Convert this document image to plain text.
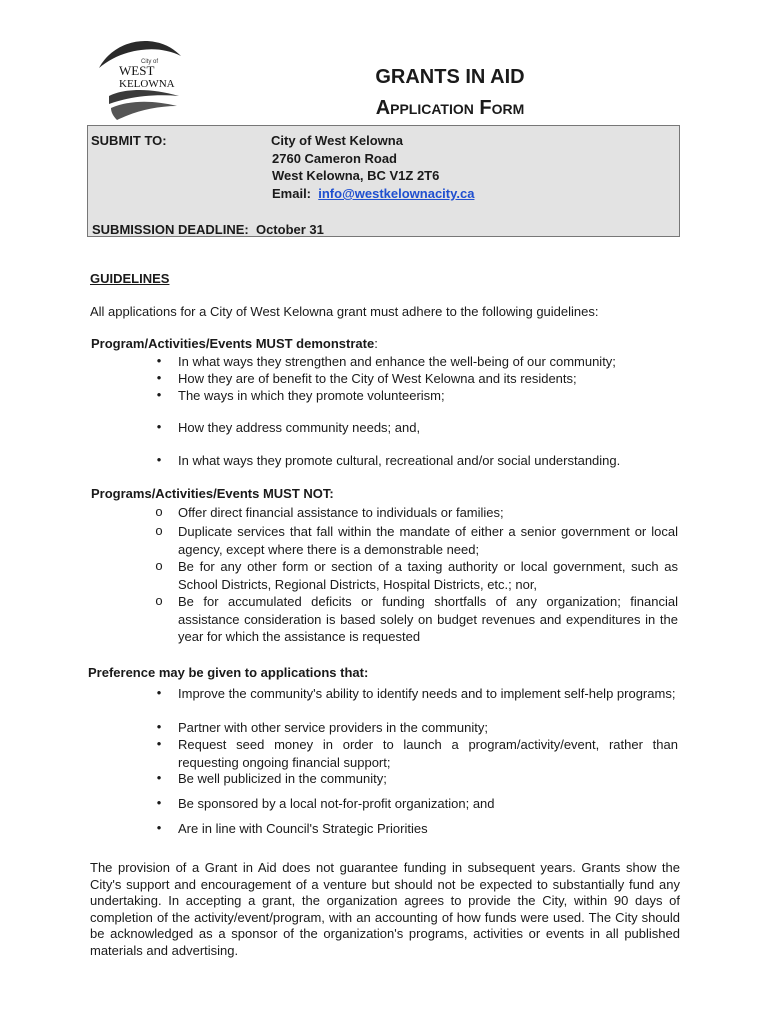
City of
WEST
KELOWNA	GRANTS IN AID
Application Form
SUBMIT TO:	City of West Kelowna
2760 Cameron Road
West Kelowna, BC V1Z 2T6
Email: info@westkelownacity.ca
SUBMISSION DEADLINE: October 31
GUIDELINES
All applications for a City of West Kelowna grant must adhere to the following guidelines:
Program/Activities/Events MUST demonstrate:
• In what ways they strengthen and enhance the well-being of our community;
• How they are of benefit to the City of West Kelowna and its residents;
• The ways in which they promote volunteerism;
• How they address community needs; and,
• In what ways they promote cultural, recreational and/or social understanding.
Programs/Activities/Events MUST NOT:
o Offer direct financial assistance to individuals or families;
o Duplicate services that fall within the mandate of either a senior government or local agency, except where there is a demonstrable need;
o Be for any other form or section of a taxing authority or local government, such as School Districts, Regional Districts, Hospital Districts, etc.; nor,
o Be for accumulated deficits or funding shortfalls of any organization; financial assistance consideration is based solely on budget revenues and expenditures in the year for which the assistance is requested
Preference may be given to applications that:
• Improve the community's ability to identify needs and to implement self-help programs;
• Partner with other service providers in the community;
• Request seed money in order to launch a program/activity/event, rather than requesting ongoing financial support;
• Be well publicized in the community;
• Be sponsored by a local not-for-profit organization; and
• Are in line with Council's Strategic Priorities
The provision of a Grant in Aid does not guarantee funding in subsequent years. Grants show the City's support and encouragement of a venture but should not be expected to substantially fund any undertaking. In accepting a grant, the organization agrees to provide the City, within 90 days of completion of the activity/event/program, with an accounting of how funds were used. The City should be acknowledged as a sponsor of the organization's programs, activities or events in all published materials and advertising.
